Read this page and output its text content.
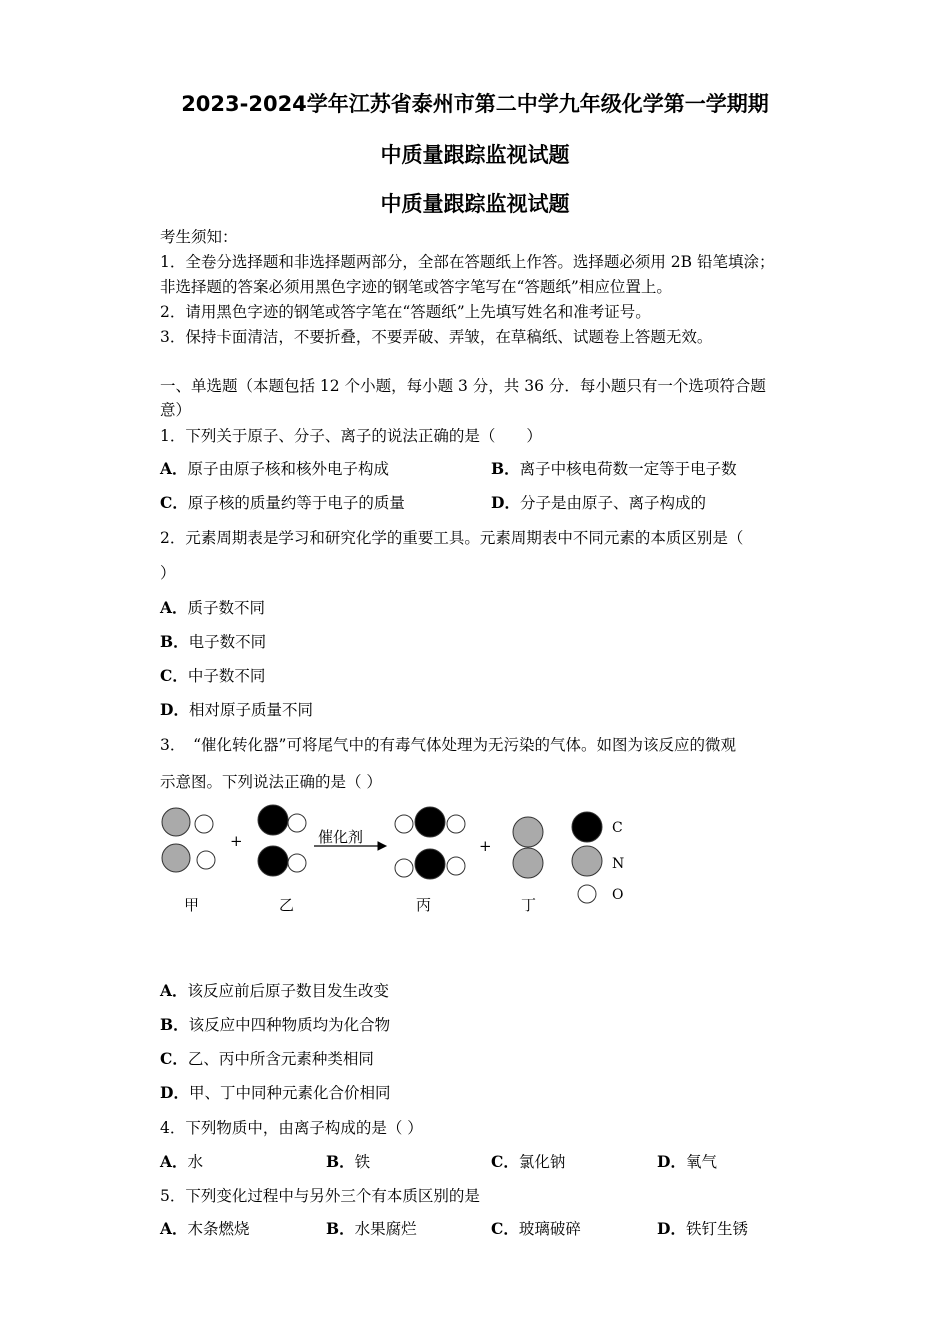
2023-2024学年江苏省泰州市第二中学九年级化学第一学期期
中质量跟踪监视试题
中质量跟踪监视试题
考生须知：
1．全卷分选择题和非选择题两部分，全部在答题纸上作答。选择题必须用 2B 铅笔填涂；
非选择题的答案必须用黑色字迹的钢笔或答字笔写在“答题纸”相应位置上。
2．请用黑色字迹的钢笔或答字笔在“答题纸”上先填写姓名和准考证号。
3．保持卡面清洁，不要折叠，不要弄破、弄皱，在草稿纸、试题卷上答题无效。
一、单选题（本题包括 12 个小题，每小题 3 分，共 36 分．每小题只有一个选项符合题
意）
1．下列关于原子、分子、离子的说法正确的是（　　）
A．原子由原子核和核外电子构成	B．离子中核电荷数一定等于电子数
C．原子核的质量约等于电子的质量	D．分子是由原子、离子构成的
2．元素周期表是学习和研究化学的重要工具。元素周期表中不同元素的本质区别是（
）
A．质子数不同
B．电子数不同
C．中子数不同
D．相对原子质量不同
3．　“催化转化器”可将尾气中的有毒气体处理为无污染的气体。如图为该反应的微观
示意图。下列说法正确的是（ ）
+	+
催化剂
甲	乙	丙	丁
C
N
O
A．该反应前后原子数目发生改变
B．该反应中四种物质均为化合物
C．乙、丙中所含元素种类相同
D．甲、丁中同种元素化合价相同
4．下列物质中，由离子构成的是（ ）
A．水	B．铁	C．氯化钠	D．氧气
5．下列变化过程中与另外三个有本质区别的是
A．木条燃烧	B．水果腐烂	C．玻璃破碎	D．铁钉生锈
